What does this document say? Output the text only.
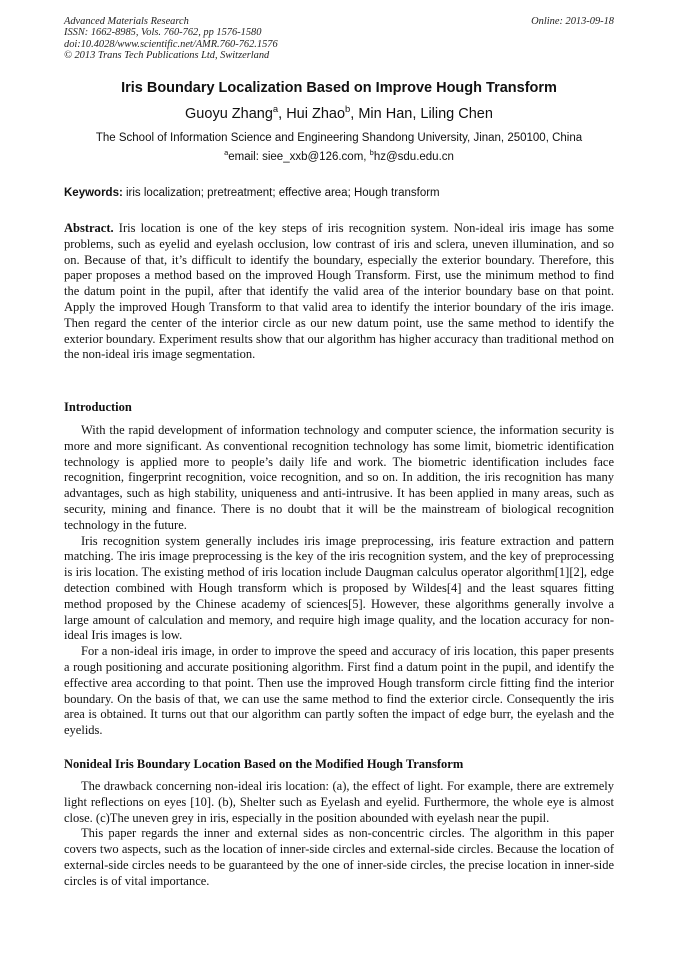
Advanced Materials Research
ISSN: 1662-8985, Vols. 760-762, pp 1576-1580
doi:10.4028/www.scientific.net/AMR.760-762.1576
© 2013 Trans Tech Publications Ltd, Switzerland
Online: 2013-09-18
Iris Boundary Localization Based on Improve Hough Transform
Guoyu Zhang$^a$, Hui Zhao$^b$, Min Han, Liling Chen
The School of Information Science and Engineering Shandong University, Jinan, 250100, China
$^a$email: siee_xxb@126.com, $^b$hz@sdu.edu.cn
Keywords: iris localization; pretreatment; effective area; Hough transform

Abstract. Iris location is one of the key steps of iris recognition system. Non-ideal iris image has some problems, such as eyelid and eyelash occlusion, low contrast of iris and sclera, uneven illumination, and so on. Because of that, it’s difficult to identify the boundary, especially the exterior boundary. Therefore, this paper proposes a method based on the improved Hough Transform. First, use the minimum method to find the datum point in the pupil, after that identify the valid area of the interior boundary base on that point. Apply the improved Hough Transform to that valid area to identify the interior boundary of the iris image. Then regard the center of the interior circle as our new datum point, use the same method to identify the exterior boundary. Experiment results show that our algorithm has higher accuracy than traditional method on the non-ideal iris image segmentation.

Introduction

With the rapid development of information technology and computer science, the information security is more and more significant. As conventional recognition technology has some limit, biometric identification technology is applied more to people’s daily life and work. The biometric identification includes face recognition, fingerprint recognition, voice recognition, and so on. In addition, the iris recognition has many advantages, such as high stability, uniqueness and anti-intrusive. It has been applied in many areas, such as security, mining and finance. There is no doubt that it will be the mainstream of biological recognition technology in the future.

Iris recognition system generally includes iris image preprocessing, iris feature extraction and pattern matching. The iris image preprocessing is the key of the iris recognition system, and the key of preprocessing is iris location. The existing method of iris location include Daugman calculus operator algorithm[1][2], edge detection combined with Hough transform which is proposed by Wildes[4] and the least squares fitting method proposed by the Chinese academy of sciences[5]. However, these algorithms generally involve a large amount of calculation and memory, and require high image quality, and the location accuracy for non-ideal Iris images is low.

For a non-ideal iris image, in order to improve the speed and accuracy of iris location, this paper presents a rough positioning and accurate positioning algorithm. First find a datum point in the pupil, and identify the effective area according to that point. Then use the improved Hough transform circle fitting find the interior boundary. On the basis of that, we can use the same method to find the exterior circle. Consequently the iris area is obtained. It turns out that our algorithm can partly soften the impact of edge burr, the eyelash and the eyelids.

Nonideal Iris Boundary Location Based on the Modified Hough Transform

The drawback concerning non-ideal iris location: (a), the effect of light. For example, there are extremely light reflections on eyes [10]. (b), Shelter such as Eyelash and eyelid. Furthermore, the whole eye is almost close. (c)The uneven grey in iris, especially in the position abounded with eyelash near the pupil.

This paper regards the inner and external sides as non-concentric circles. The algorithm in this paper covers two aspects, such as the location of inner-side circles and external-side circles. Because the location of external-side circles needs to be guaranteed by the one of inner-side circles, the precise location in inner-side circles is of vital importance.
